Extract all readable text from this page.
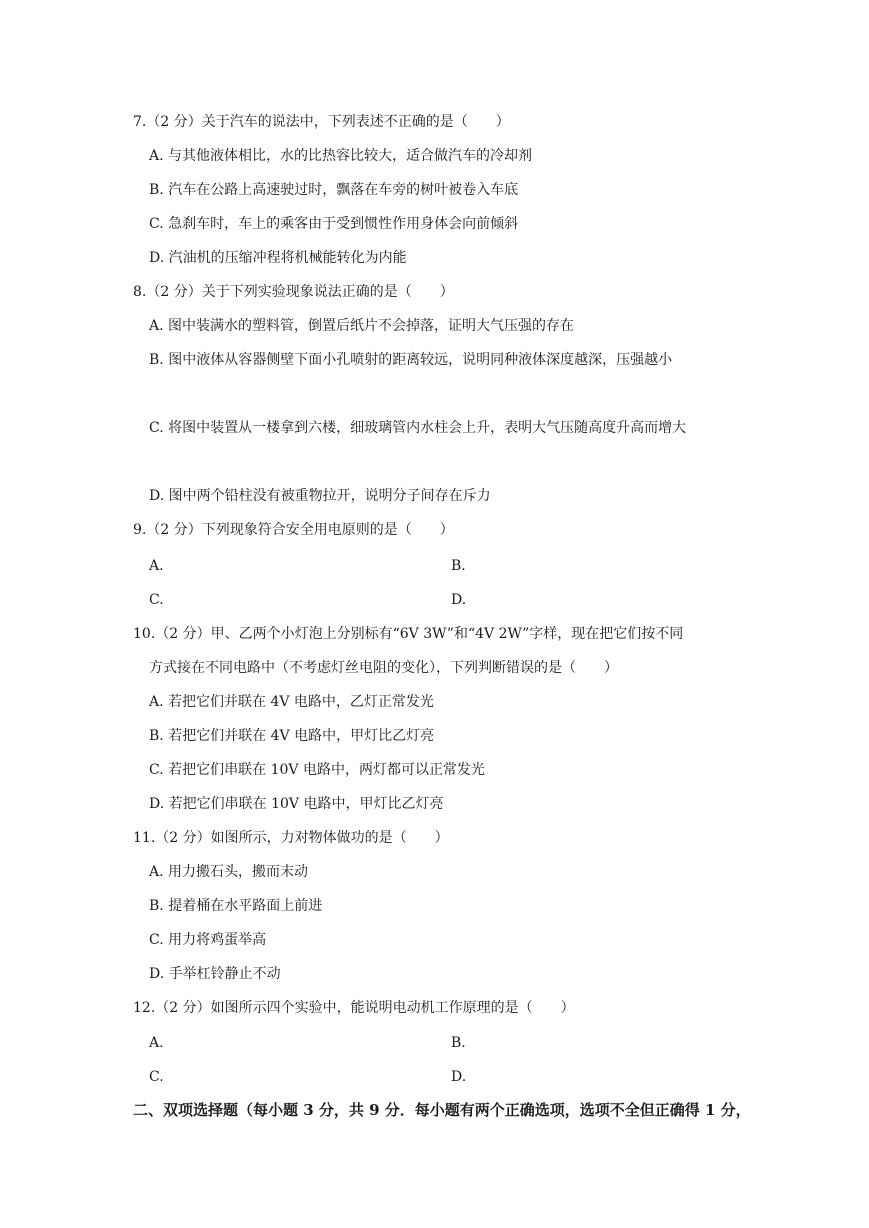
7.（2 分）关于汽车的说法中，下列表述不正确的是（　　）
A. 与其他液体相比，水的比热容比较大，适合做汽车的冷却剂
B. 汽车在公路上高速驶过时，飘落在车旁的树叶被卷入车底
C. 急刹车时，车上的乘客由于受到惯性作用身体会向前倾斜
D. 汽油机的压缩冲程将机械能转化为内能
8.（2 分）关于下列实验现象说法正确的是（　　）
A. 图中装满水的塑料管，倒置后纸片不会掉落，证明大气压强的存在
B. 图中液体从容器侧壁下面小孔喷射的距离较远，说明同种液体深度越深，压强越小
C. 将图中装置从一楼拿到六楼，细玻璃管内水柱会上升，表明大气压随高度升高而增大
D. 图中两个铅柱没有被重物拉开，说明分子间存在斥力
9.（2 分）下列现象符合安全用电原则的是（　　）
A.	B.
C.	D.
10.（2 分）甲、乙两个小灯泡上分别标有“6V 3W”和“4V 2W”字样，现在把它们按不同
方式接在不同电路中（不考虑灯丝电阻的变化），下列判断错误的是（　　）
A. 若把它们并联在 4V 电路中，乙灯正常发光
B. 若把它们并联在 4V 电路中，甲灯比乙灯亮
C. 若把它们串联在 10V 电路中，两灯都可以正常发光
D. 若把它们串联在 10V 电路中，甲灯比乙灯亮
11.（2 分）如图所示，力对物体做功的是（　　）
A. 用力搬石头，搬而末动
B. 提着桶在水平路面上前进
C. 用力将鸡蛋举高
D. 手举杠铃静止不动
12.（2 分）如图所示四个实验中，能说明电动机工作原理的是（　　）
A.	B.
C.	D.
二、双项选择题（每小题 3 分，共 9 分．每小题有两个正确选项，选项不全但正确得 1 分，
